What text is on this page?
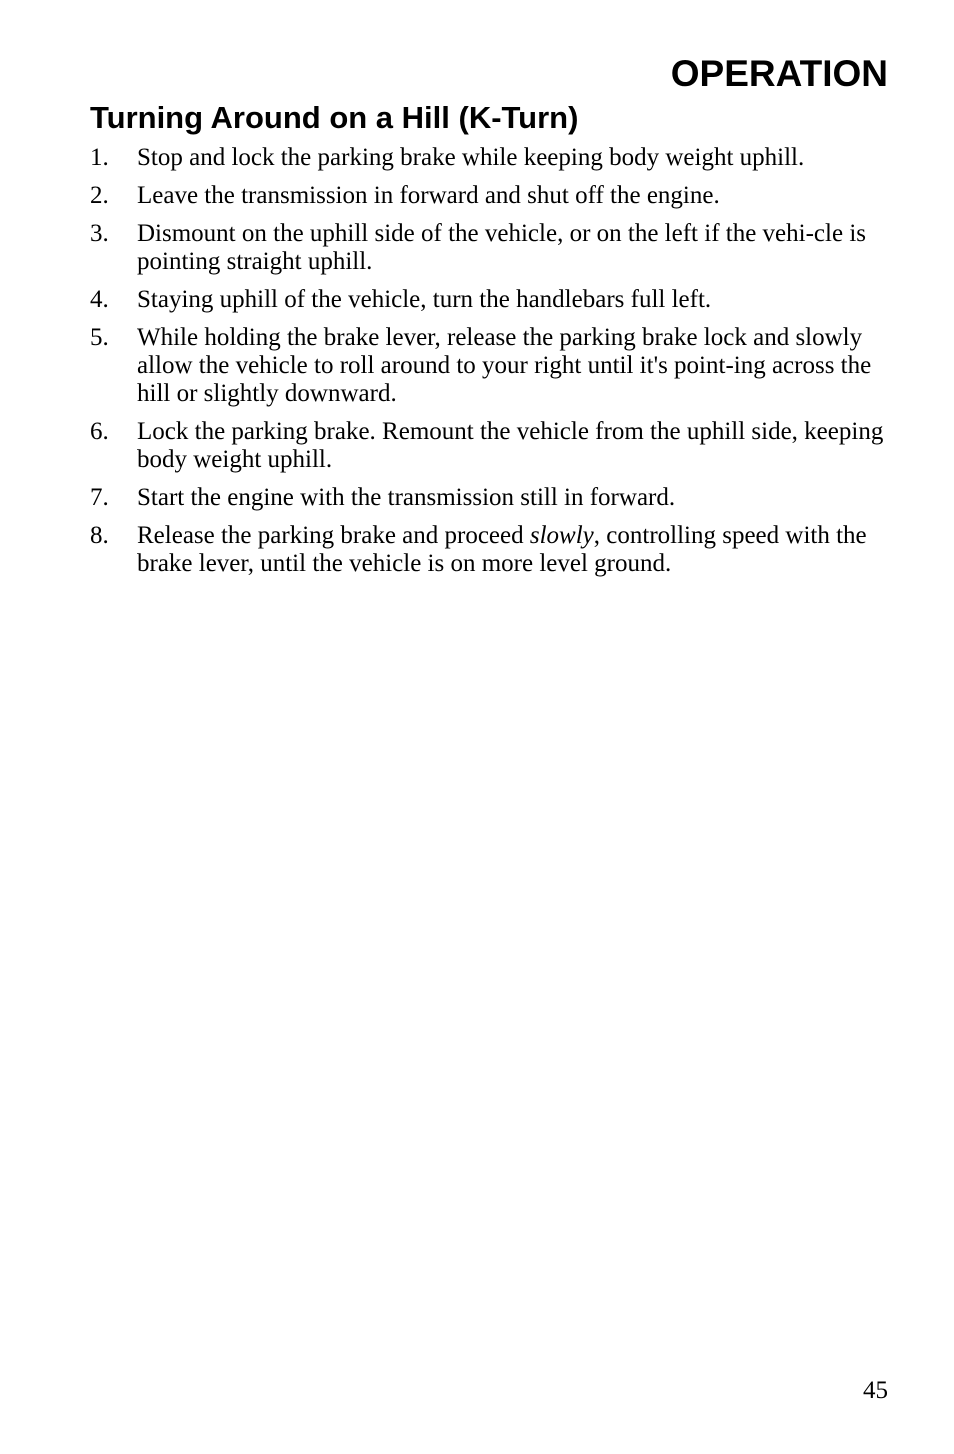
OPERATION
Turning Around on a Hill (K-Turn)
1. Stop and lock the parking brake while keeping body weight uphill.
2. Leave the transmission in forward and shut off the engine.
3. Dismount on the uphill side of the vehicle, or on the left if the vehi-cle is pointing straight uphill.
4. Staying uphill of the vehicle, turn the handlebars full left.
5. While holding the brake lever, release the parking brake lock and slowly allow the vehicle to roll around to your right until it's point-ing across the hill or slightly downward.
6. Lock the parking brake. Remount the vehicle from the uphill side, keeping body weight uphill.
7. Start the engine with the transmission still in forward.
8. Release the parking brake and proceed slowly, controlling speed with the brake lever, until the vehicle is on more level ground.
45
